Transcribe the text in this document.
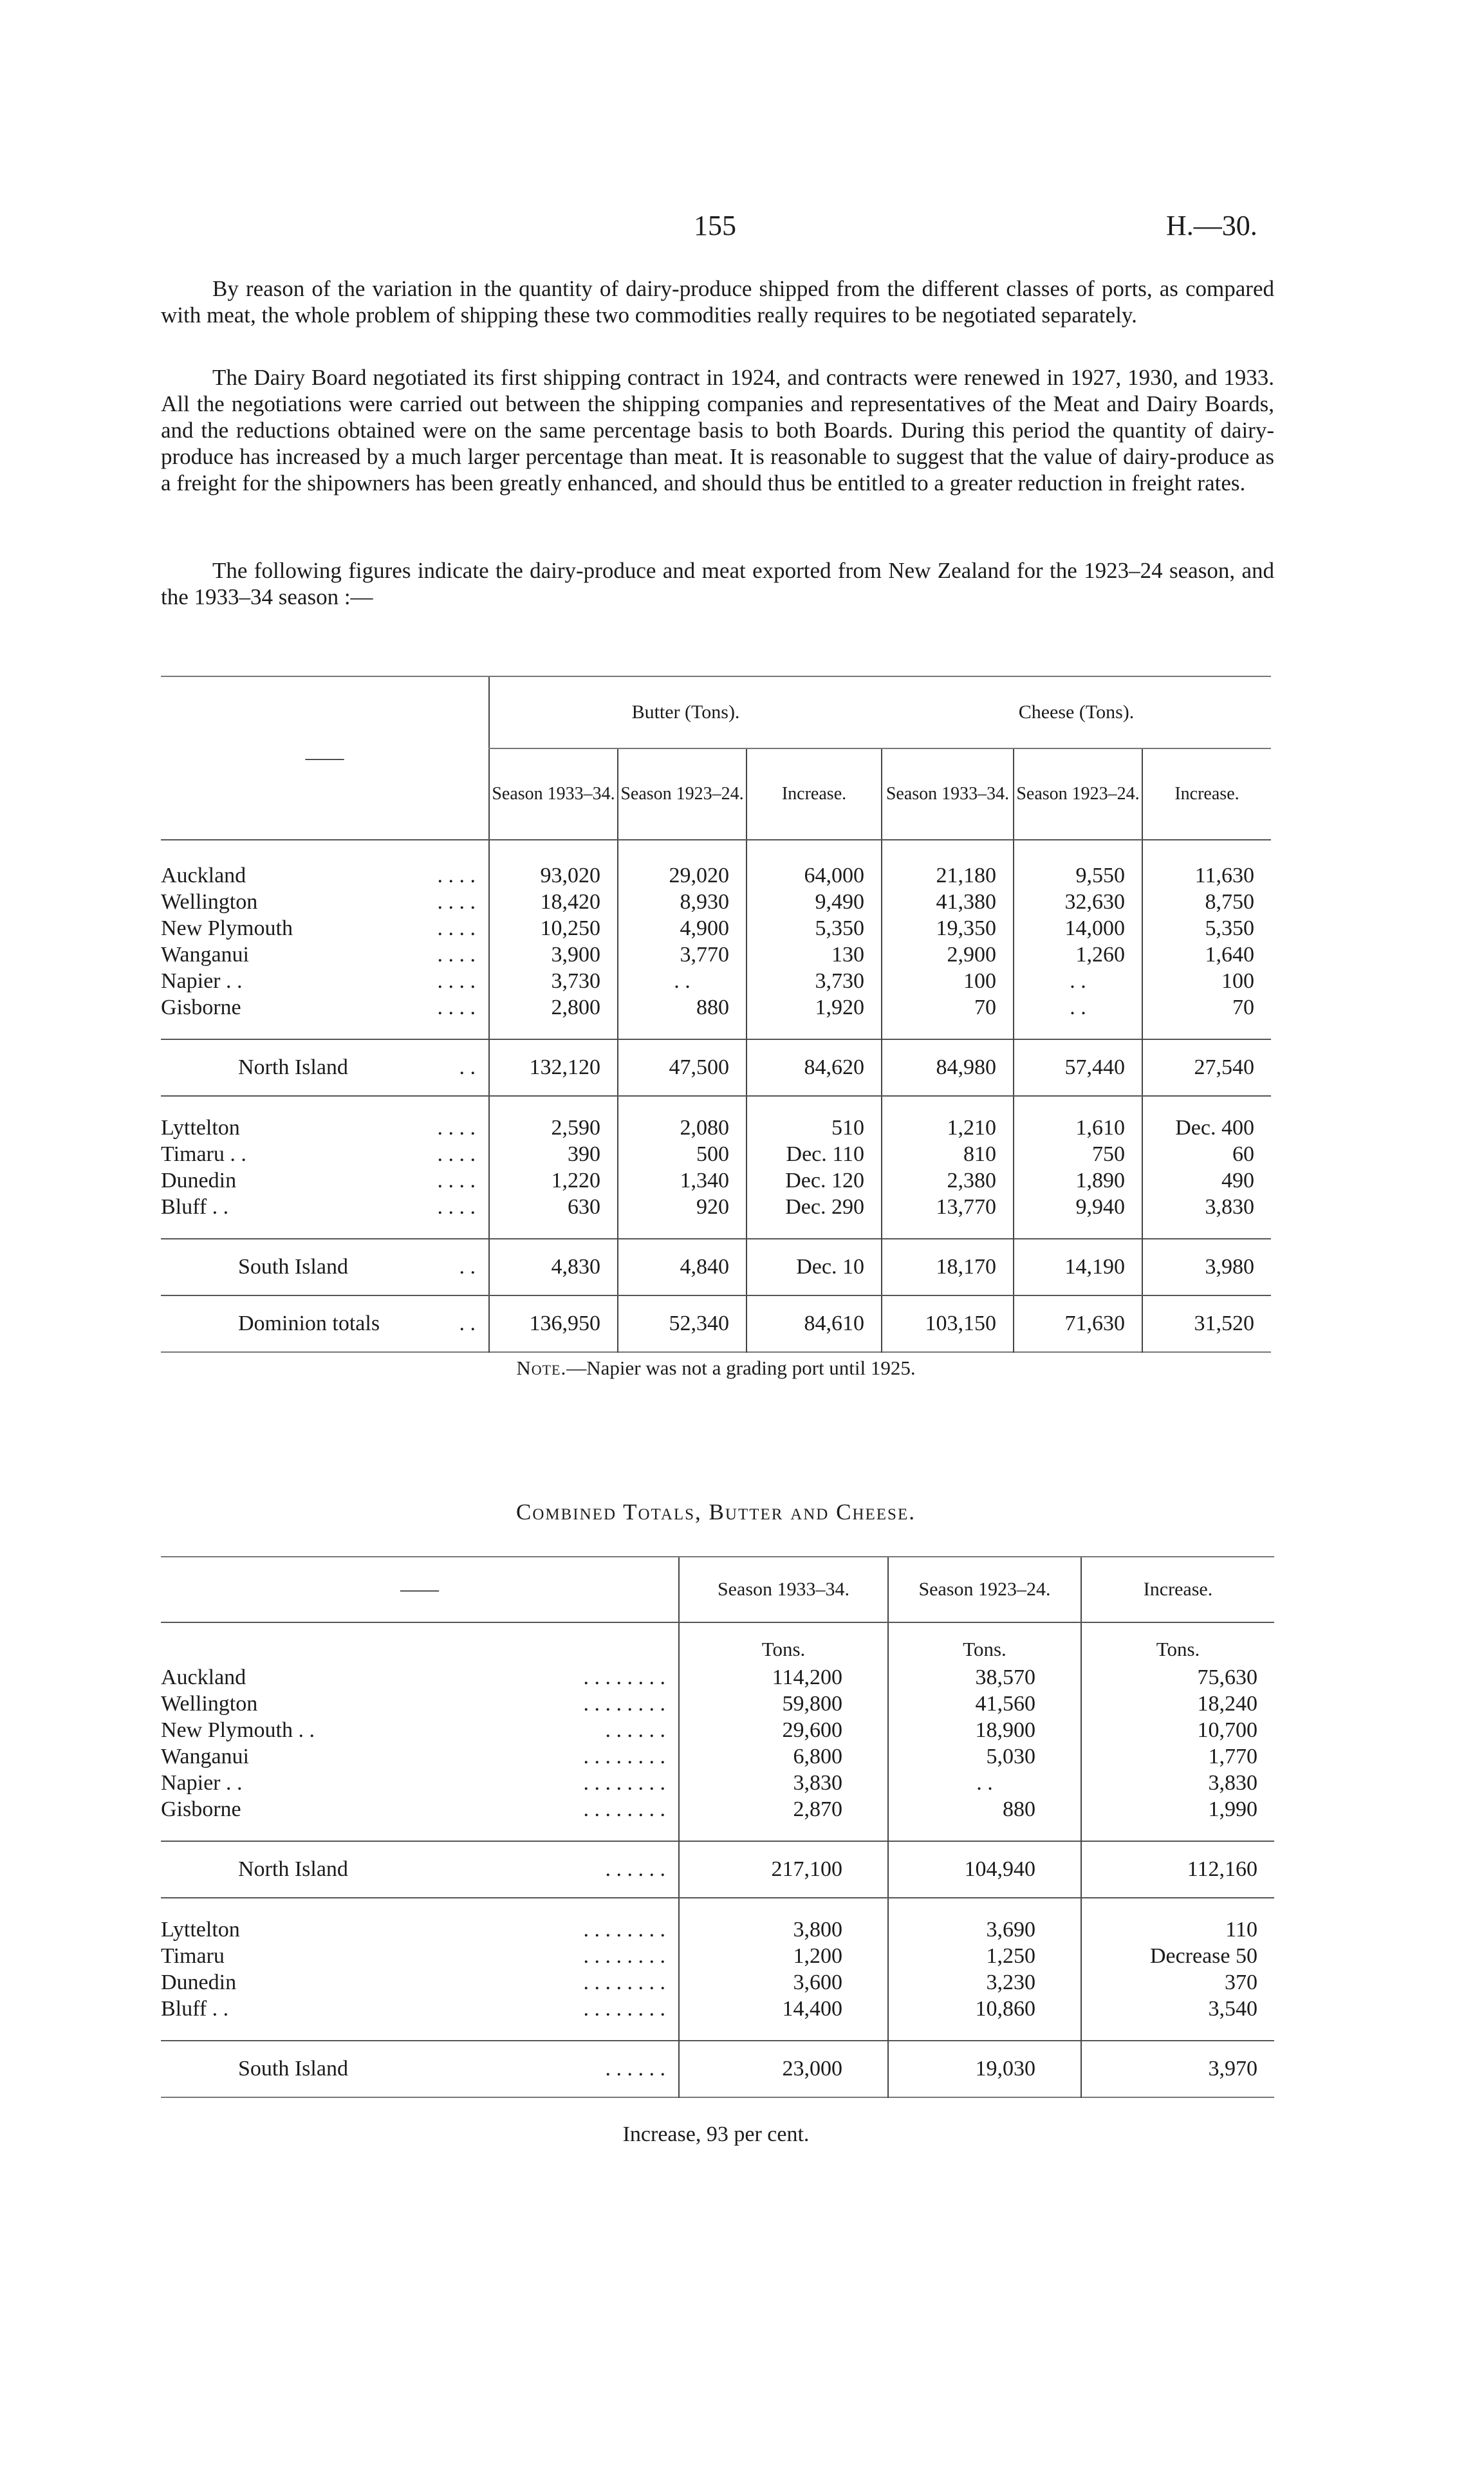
155	H.—30.

By reason of the variation in the quantity of dairy-produce shipped from the different classes of ports, as compared with meat, the whole problem of shipping these two commodities really requires to be negotiated separately.

The Dairy Board negotiated its first shipping contract in 1924, and contracts were renewed in 1927, 1930, and 1933. All the negotiations were carried out between the shipping companies and representatives of the Meat and Dairy Boards, and the reductions obtained were on the same percentage basis to both Boards. During this period the quantity of dairy-produce has increased by a much larger percentage than meat. It is reasonable to suggest that the value of dairy-produce as a freight for the shipowners has been greatly enhanced, and should thus be entitled to a greater reduction in freight rates.

The following figures indicate the dairy-produce and meat exported from New Zealand for the 1923–24 season, and the 1933–34 season :—

——	Butter (Tons).			Cheese (Tons).		
	Season 1933–34.	Season 1923–24.	Increase.	Season 1933–34.	Season 1923–24.	Increase.

Auckland . . . .	93,020	29,020	64,000	21,180	9,550	11,630
Wellington . . . .	18,420	8,930	9,490	41,380	32,630	8,750
New Plymouth . . . .	10,250	4,900	5,350	19,350	14,000	5,350
Wanganui . . . .	3,900	3,770	130	2,900	1,260	1,640
Napier . . . . . .	3,730	. .	3,730	100	. .	100
Gisborne . . . .	2,800	880	1,920	70	. .	70

North Island . .	132,120	47,500	84,620	84,980	57,440	27,540

Lyttelton . . . .	2,590	2,080	510	1,210	1,610	Dec. 400
Timaru . . . . . .	390	500	Dec. 110	810	750	60
Dunedin . . . .	1,220	1,340	Dec. 120	2,380	1,890	490
Bluff . . . . . .	630	920	Dec. 290	13,770	9,940	3,830

South Island . .	4,830	4,840	Dec. 10	18,170	14,190	3,980
Dominion totals . .	136,950	52,340	84,610	103,150	71,630	31,520

Note.—Napier was not a grading port until 1925.
Combined Totals, Butter and Cheese.

——	Season 1933–34.	Season 1923–24.	Increase.
	Tons.	Tons.	Tons.
Auckland . . . . . . . .	114,200	38,570	75,630
Wellington . . . . . . . .	59,800	41,560	18,240
New Plymouth . . . . . . . .	29,600	18,900	10,700
Wanganui . . . . . . . .	6,800	5,030	1,770
Napier . . . . . . . . . .	3,830	. .	3,830
Gisborne . . . . . . . .	2,870	880	1,990

North Island . . . . . .	217,100	104,940	112,160

Lyttelton . . . . . . . .	3,800	3,690	110
Timaru . . . . . . . .	1,200	1,250	Decrease 50
Dunedin . . . . . . . .	3,600	3,230	370
Bluff . . . . . . . . . .	14,400	10,860	3,540

South Island . . . . . .	23,000	19,030	3,970

Increase, 93 per cent.
